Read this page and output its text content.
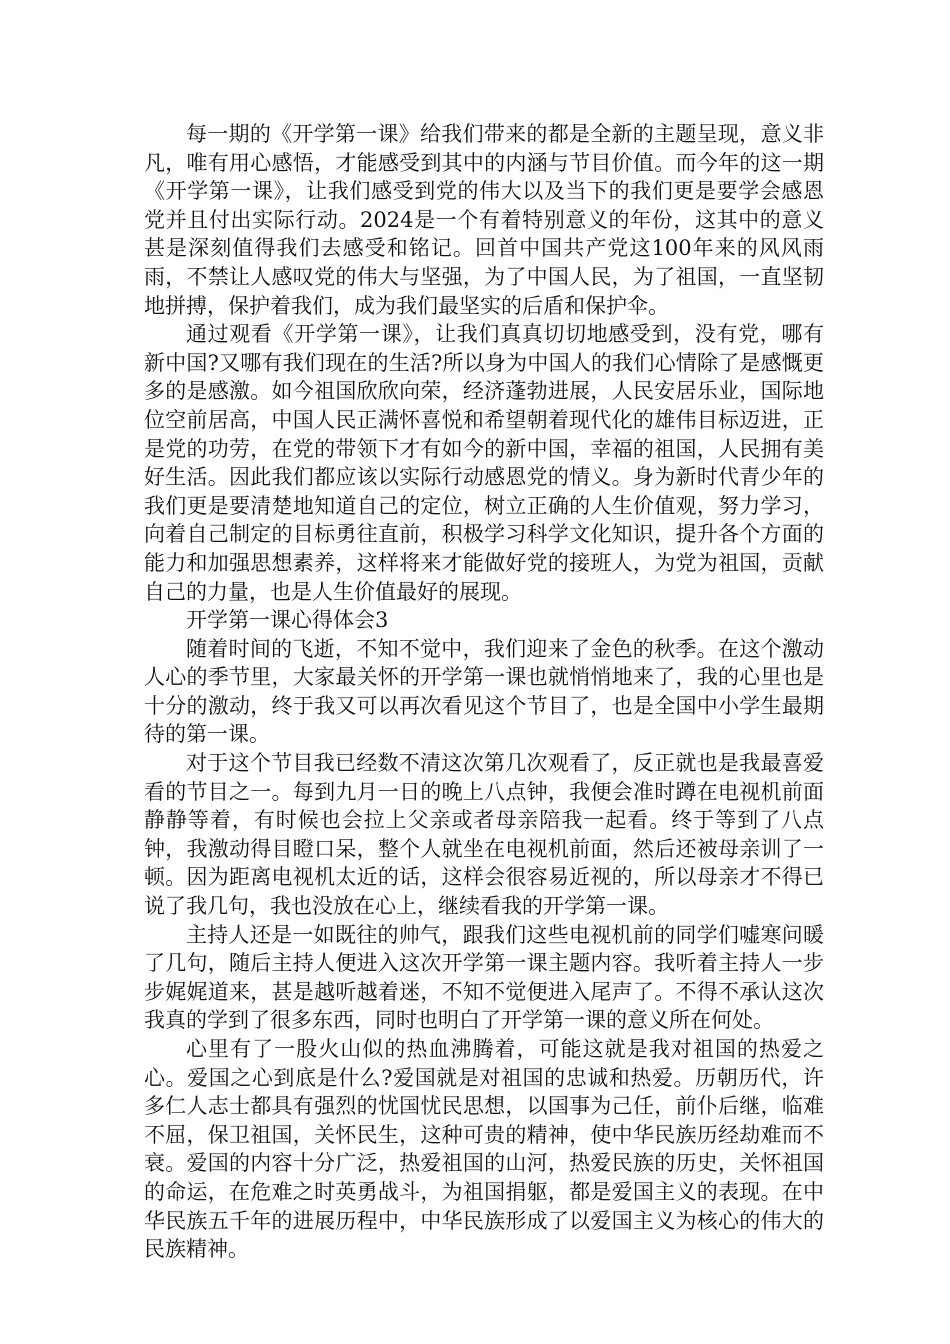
每一期的《开学第一课》给我们带来的都是全新的主题呈现，意义非凡，唯有用心感悟，才能感受到其中的内涵与节目价值。而今年的这一期《开学第一课》，让我们感受到党的伟大以及当下的我们更是要学会感恩党并且付出实际行动。2024是一个有着特别意义的年份，这其中的意义甚是深刻值得我们去感受和铭记。回首中国共产党这100年来的风风雨雨，不禁让人感叹党的伟大与坚强，为了中国人民，为了祖国，一直坚韧地拼搏，保护着我们，成为我们最坚实的后盾和保护伞。

通过观看《开学第一课》，让我们真真切切地感受到，没有党，哪有新中国?又哪有我们现在的生活?所以身为中国人的我们心情除了是感慨更多的是感激。如今祖国欣欣向荣，经济蓬勃进展，人民安居乐业，国际地位空前居高，中国人民正满怀喜悦和希望朝着现代化的雄伟目标迈进，正是党的功劳，在党的带领下才有如今的新中国，幸福的祖国，人民拥有美好生活。因此我们都应该以实际行动感恩党的情义。身为新时代青少年的我们更是要清楚地知道自己的定位，树立正确的人生价值观，努力学习，向着自己制定的目标勇往直前，积极学习科学文化知识，提升各个方面的能力和加强思想素养，这样将来才能做好党的接班人，为党为祖国，贡献自己的力量，也是人生价值最好的展现。

开学第一课心得体会3

随着时间的飞逝，不知不觉中，我们迎来了金色的秋季。在这个激动人心的季节里，大家最关怀的开学第一课也就悄悄地来了，我的心里也是十分的激动，终于我又可以再次看见这个节目了，也是全国中小学生最期待的第一课。

对于这个节目我已经数不清这次第几次观看了，反正就也是我最喜爱看的节目之一。每到九月一日的晚上八点钟，我便会准时蹲在电视机前面静静等着，有时候也会拉上父亲或者母亲陪我一起看。终于等到了八点钟，我激动得目瞪口呆，整个人就坐在电视机前面，然后还被母亲训了一顿。因为距离电视机太近的话，这样会很容易近视的，所以母亲才不得已说了我几句，我也没放在心上，继续看我的开学第一课。

主持人还是一如既往的帅气，跟我们这些电视机前的同学们嘘寒问暖了几句，随后主持人便进入这次开学第一课主题内容。我听着主持人一步步娓娓道来，甚是越听越着迷，不知不觉便进入尾声了。不得不承认这次我真的学到了很多东西，同时也明白了开学第一课的意义所在何处。

心里有了一股火山似的热血沸腾着，可能这就是我对祖国的热爱之心。爱国之心到底是什么?爱国就是对祖国的忠诚和热爱。历朝历代，许多仁人志士都具有强烈的忧国忧民思想，以国事为己任，前仆后继，临难不屈，保卫祖国，关怀民生，这种可贵的精神，使中华民族历经劫难而不衰。爱国的内容十分广泛，热爱祖国的山河，热爱民族的历史，关怀祖国的命运，在危难之时英勇战斗，为祖国捐躯，都是爱国主义的表现。在中华民族五千年的进展历程中，中华民族形成了以爱国主义为核心的伟大的民族精神。
